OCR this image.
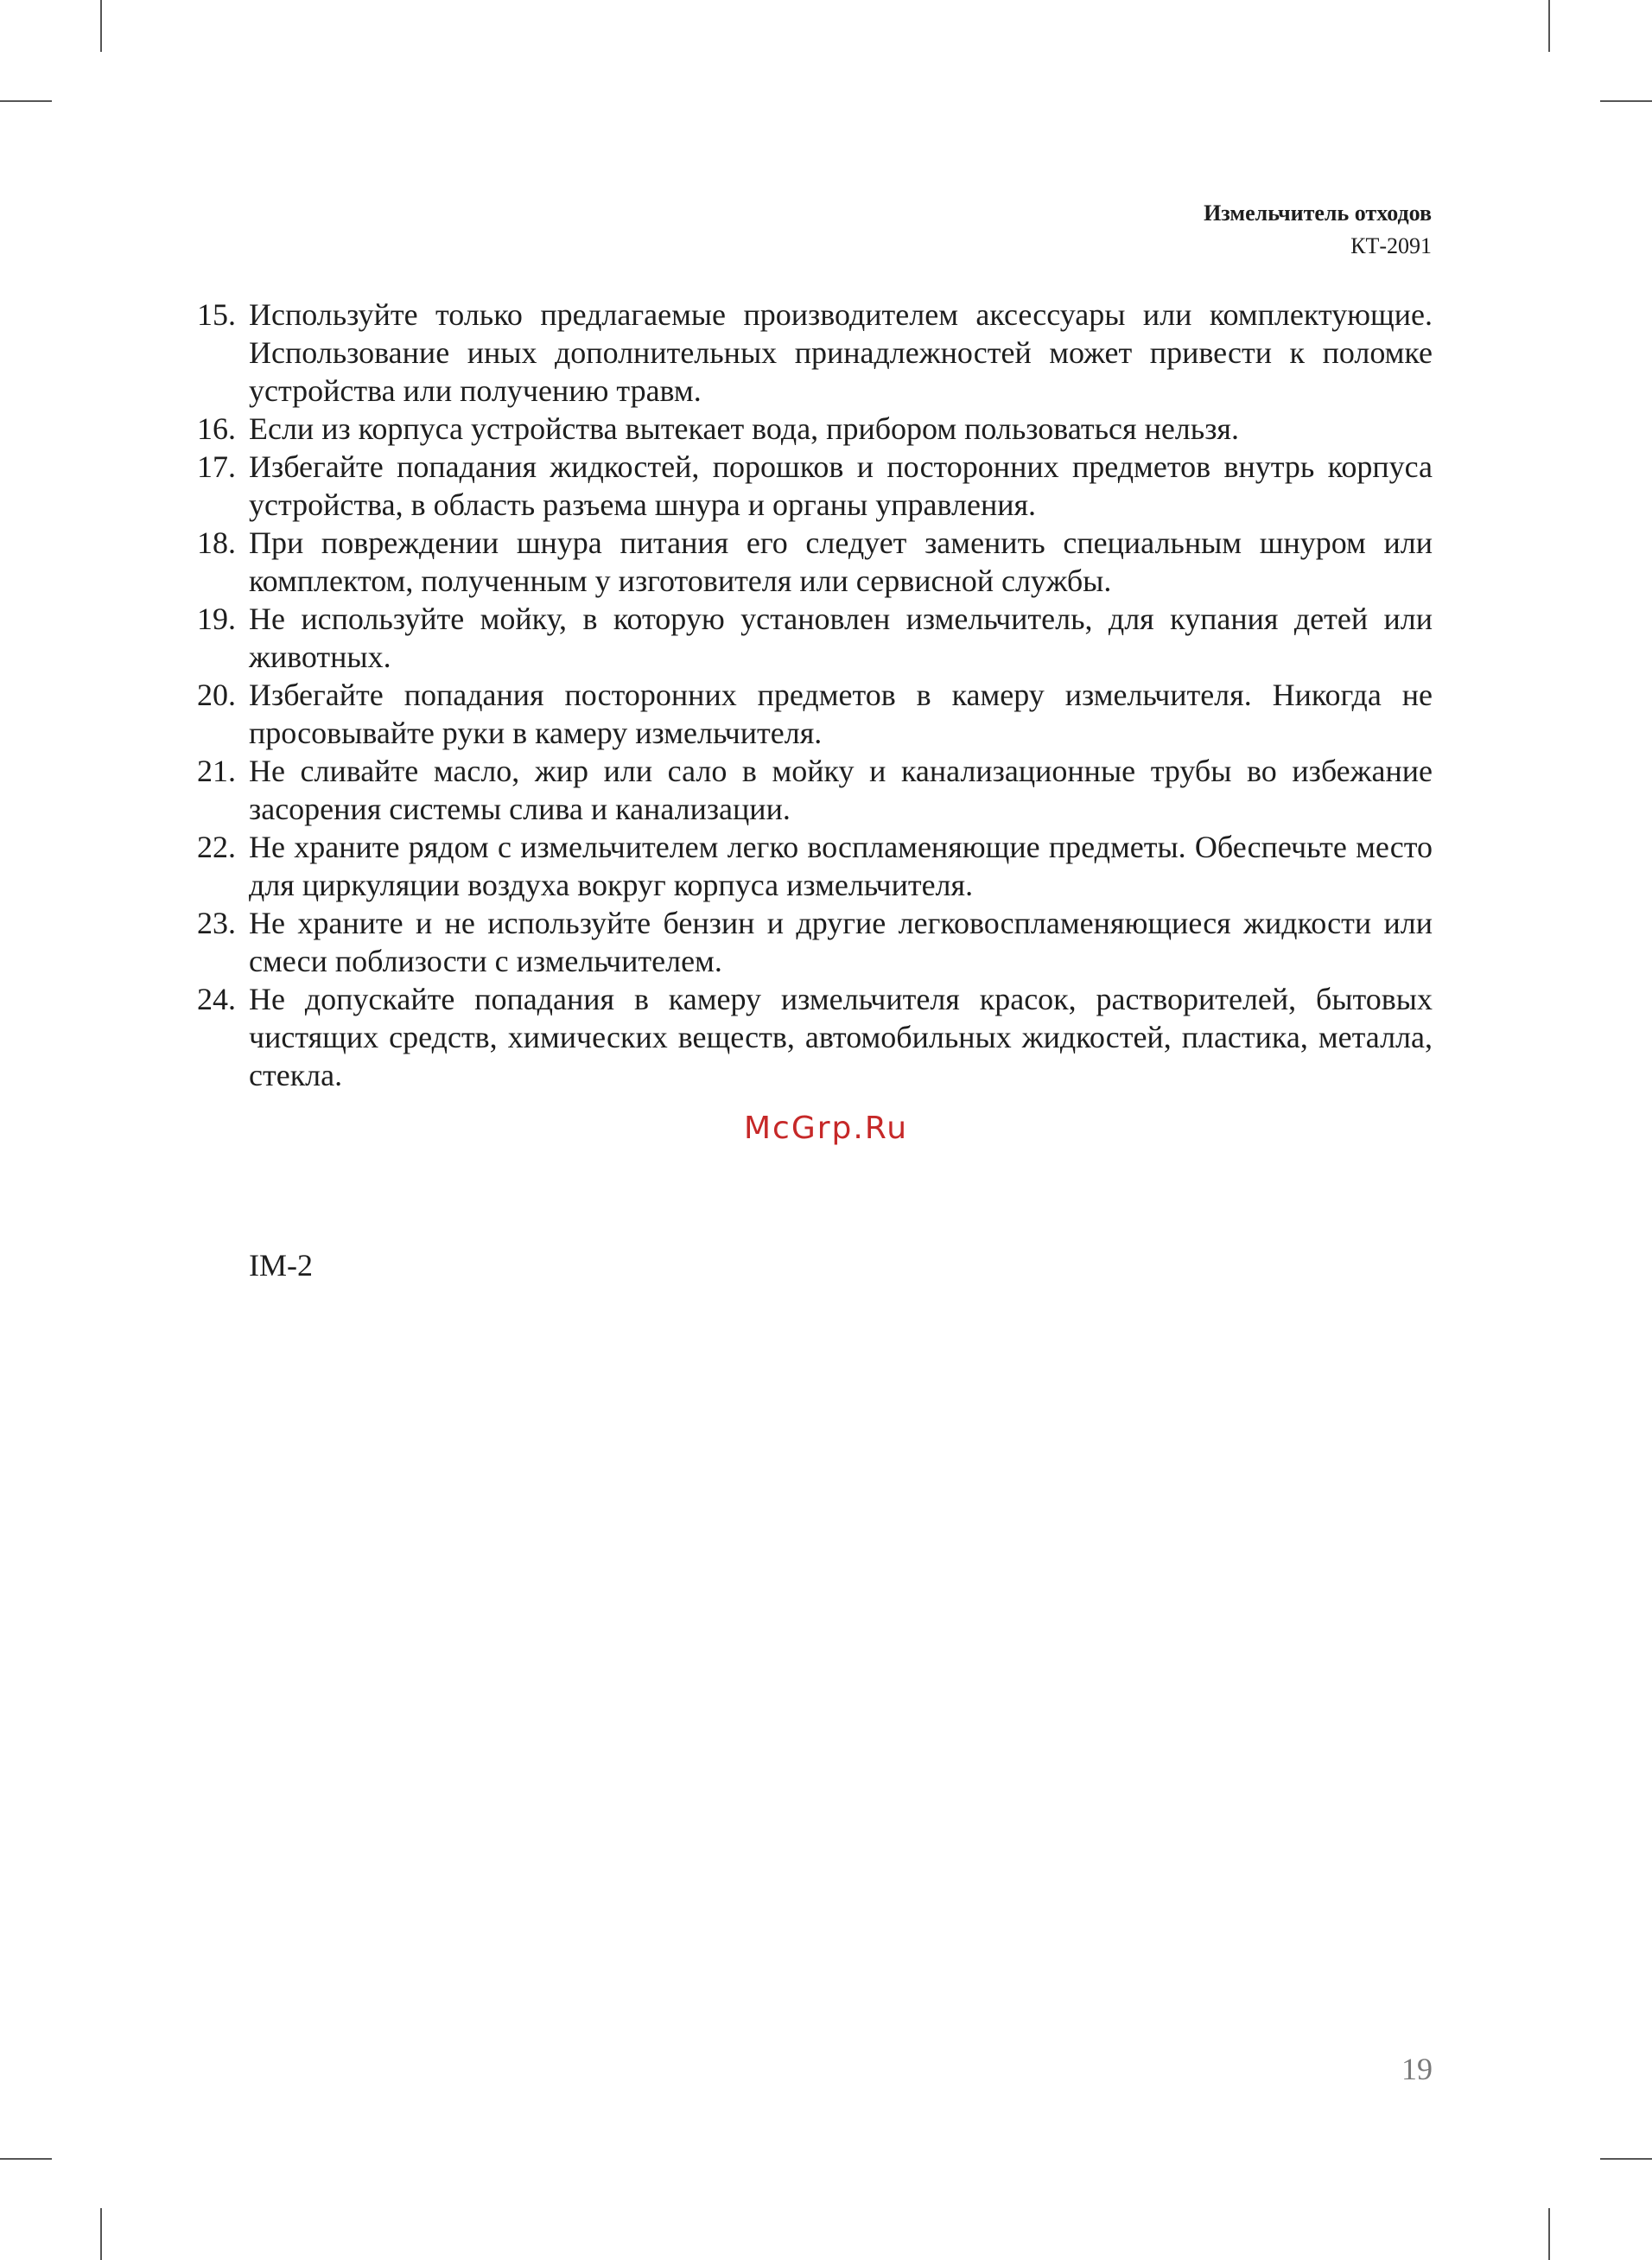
Измельчитель отходов
КТ-2091
15. Используйте только предлагаемые производителем аксессуары или комплектующие. Использование иных дополнительных принадлежностей может привести к поломке устройства или получению травм.
16. Если из корпуса устройства вытекает вода, прибором пользоваться нельзя.
17. Избегайте попадания жидкостей, порошков и посторонних предметов внутрь корпуса устройства, в область разъема шнура и органы управления.
18. При повреждении шнура питания его следует заменить специальным шнуром или комплектом, полученным у изготовителя или сервисной службы.
19. Не используйте мойку, в которую установлен измельчитель, для купания детей или животных.
20. Избегайте попадания посторонних предметов в камеру измельчителя. Никогда не просовывайте руки в камеру измельчителя.
21. Не сливайте масло, жир или сало в мойку и канализационные трубы во избежание засорения системы слива и канализации.
22. Не храните рядом с измельчителем легко воспламеняющие предметы. Обеспечьте место для циркуляции воздуха вокруг корпуса измельчителя.
23. Не храните и не используйте бензин и другие легковоспламеняющиеся жидкости или смеси поблизости с измельчителем.
24. Не допускайте попадания в камеру измельчителя красок, растворителей, бытовых чистящих средств, химических веществ, автомобильных жидкостей, пластика, металла, стекла.
McGrp.Ru
IM-2
19
